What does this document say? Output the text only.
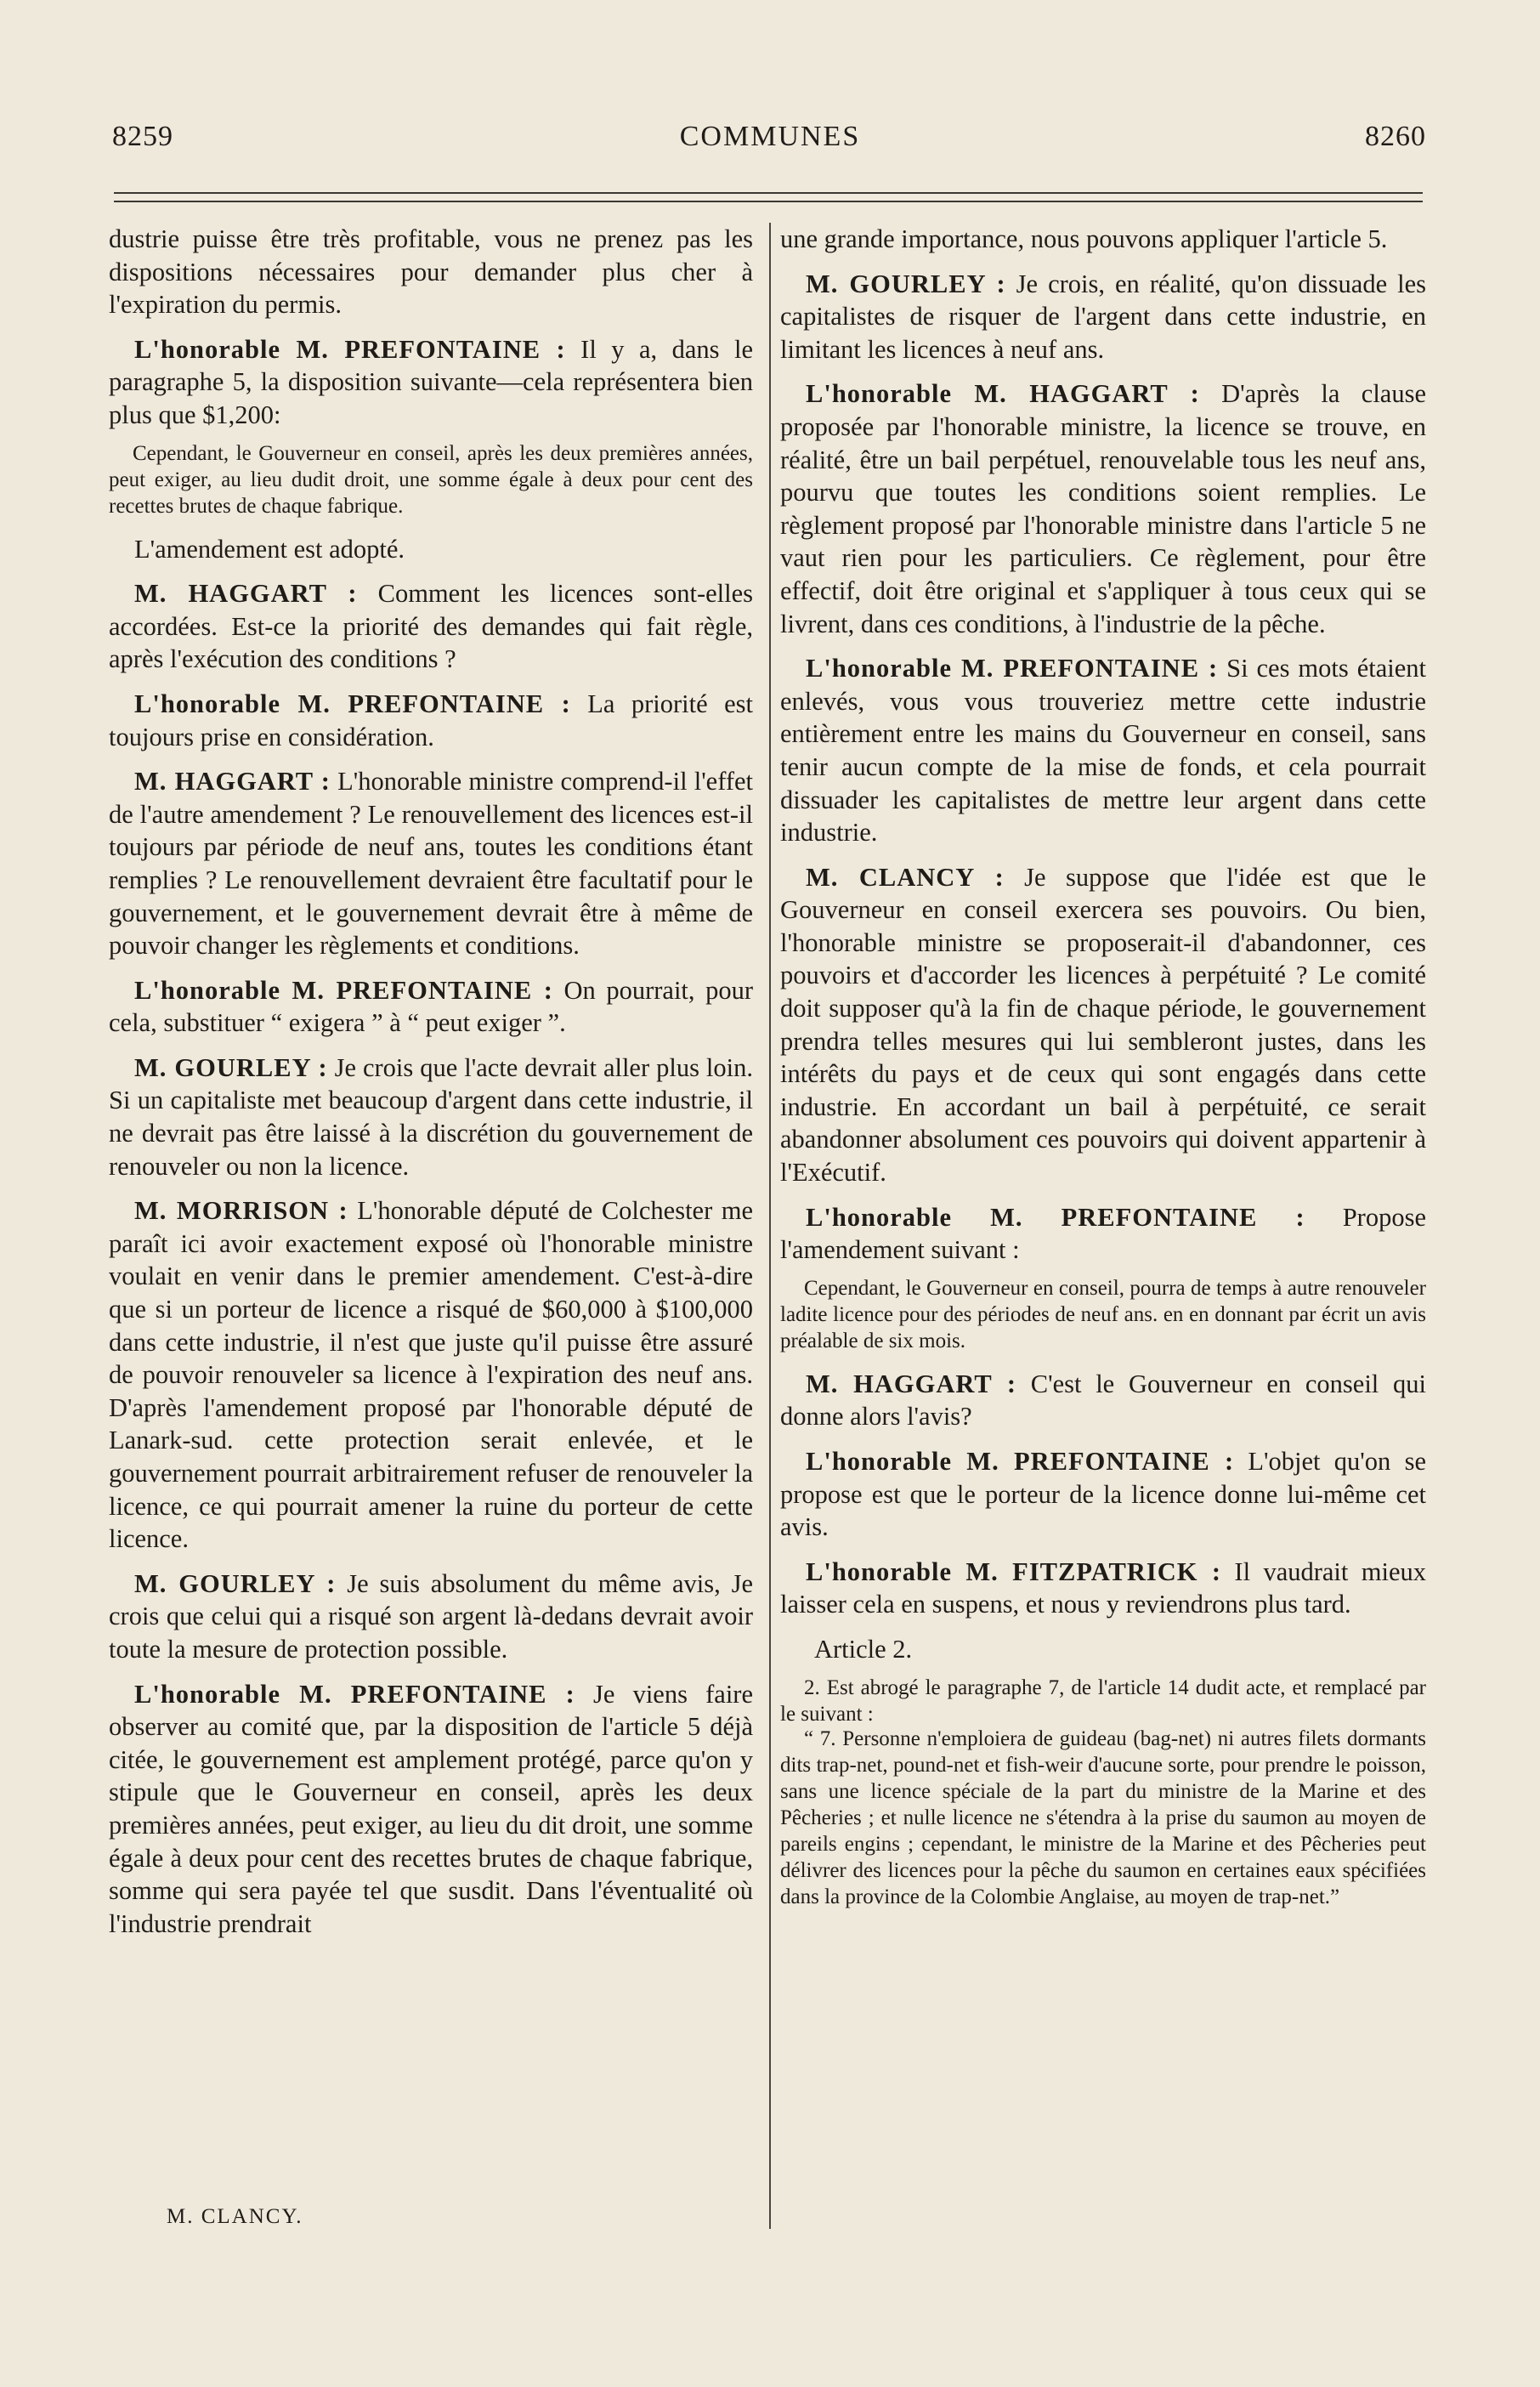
8259	COMMUNES	8260

dustrie puisse être très profitable, vous ne prenez pas les dispositions nécessaires pour demander plus cher à l'expiration du permis.

L'honorable M. PREFONTAINE : Il y a, dans le paragraphe 5, la disposition suivante—cela représentera bien plus que $1,200:

Cependant, le Gouverneur en conseil, après les deux premières années, peut exiger, au lieu dudit droit, une somme égale à deux pour cent des recettes brutes de chaque fabrique.

L'amendement est adopté.

M. HAGGART : Comment les licences sont-elles accordées. Est-ce la priorité des demandes qui fait règle, après l'exécution des conditions ?

L'honorable M. PREFONTAINE : La priorité est toujours prise en considération.

M. HAGGART : L'honorable ministre comprend-il l'effet de l'autre amendement ? Le renouvellement des licences est-il toujours par période de neuf ans, toutes les conditions étant remplies ? Le renouvellement devraient être facultatif pour le gouvernement, et le gouvernement devrait être à même de pouvoir changer les règlements et conditions.

L'honorable M. PREFONTAINE : On pourrait, pour cela, substituer “ exigera ” à “ peut exiger ”.

M. GOURLEY : Je crois que l'acte devrait aller plus loin. Si un capitaliste met beaucoup d'argent dans cette industrie, il ne devrait pas être laissé à la discrétion du gouvernement de renouveler ou non la licence.

M. MORRISON : L'honorable député de Colchester me paraît ici avoir exactement exposé où l'honorable ministre voulait en venir dans le premier amendement. C'est-à-dire que si un porteur de licence a risqué de $60,000 à $100,000 dans cette industrie, il n'est que juste qu'il puisse être assuré de pouvoir renouveler sa licence à l'expiration des neuf ans. D'après l'amendement proposé par l'honorable député de Lanark-sud. cette protection serait enlevée, et le gouvernement pourrait arbitrairement refuser de renouveler la licence, ce qui pourrait amener la ruine du porteur de cette licence.

M. GOURLEY : Je suis absolument du même avis, Je crois que celui qui a risqué son argent là-dedans devrait avoir toute la mesure de protection possible.

L'honorable M. PREFONTAINE : Je viens faire observer au comité que, par la disposition de l'article 5 déjà citée, le gouvernement est amplement protégé, parce qu'on y stipule que le Gouverneur en conseil, après les deux premières années, peut exiger, au lieu du dit droit, une somme égale à deux pour cent des recettes brutes de chaque fabrique, somme qui sera payée tel que susdit. Dans l'éventualité où l'industrie prendrait

une grande importance, nous pouvons appliquer l'article 5.

M. GOURLEY : Je crois, en réalité, qu'on dissuade les capitalistes de risquer de l'argent dans cette industrie, en limitant les licences à neuf ans.

L'honorable M. HAGGART : D'après la clause proposée par l'honorable ministre, la licence se trouve, en réalité, être un bail perpétuel, renouvelable tous les neuf ans, pourvu que toutes les conditions soient remplies. Le règlement proposé par l'honorable ministre dans l'article 5 ne vaut rien pour les particuliers. Ce règlement, pour être effectif, doit être original et s'appliquer à tous ceux qui se livrent, dans ces conditions, à l'industrie de la pêche.

L'honorable M. PREFONTAINE : Si ces mots étaient enlevés, vous vous trouveriez mettre cette industrie entièrement entre les mains du Gouverneur en conseil, sans tenir aucun compte de la mise de fonds, et cela pourrait dissuader les capitalistes de mettre leur argent dans cette industrie.

M. CLANCY : Je suppose que l'idée est que le Gouverneur en conseil exercera ses pouvoirs. Ou bien, l'honorable ministre se proposerait-il d'abandonner, ces pouvoirs et d'accorder les licences à perpétuité ? Le comité doit supposer qu'à la fin de chaque période, le gouvernement prendra telles mesures qui lui sembleront justes, dans les intérêts du pays et de ceux qui sont engagés dans cette industrie. En accordant un bail à perpétuité, ce serait abandonner absolument ces pouvoirs qui doivent appartenir à l'Exécutif.

L'honorable M. PREFONTAINE : Propose l'amendement suivant :

Cependant, le Gouverneur en conseil, pourra de temps à autre renouveler ladite licence pour des périodes de neuf ans. en en donnant par écrit un avis préalable de six mois.

M. HAGGART : C'est le Gouverneur en conseil qui donne alors l'avis?

L'honorable M. PREFONTAINE : L'objet qu'on se propose est que le porteur de la licence donne lui-même cet avis.

L'honorable M. FITZPATRICK : Il vaudrait mieux laisser cela en suspens, et nous y reviendrons plus tard.

Article 2.

2. Est abrogé le paragraphe 7, de l'article 14 dudit acte, et remplacé par le suivant :

“ 7. Personne n'emploiera de guideau (bag-net) ni autres filets dormants dits trap-net, pound-net et fish-weir d'aucune sorte, pour prendre le poisson, sans une licence spéciale de la part du ministre de la Marine et des Pêcheries ; et nulle licence ne s'étendra à la prise du saumon au moyen de pareils engins ; cependant, le ministre de la Marine et des Pêcheries peut délivrer des licences pour la pêche du saumon en certaines eaux spécifiées dans la province de la Colombie Anglaise, au moyen de trap-net.”

M. CLANCY.
